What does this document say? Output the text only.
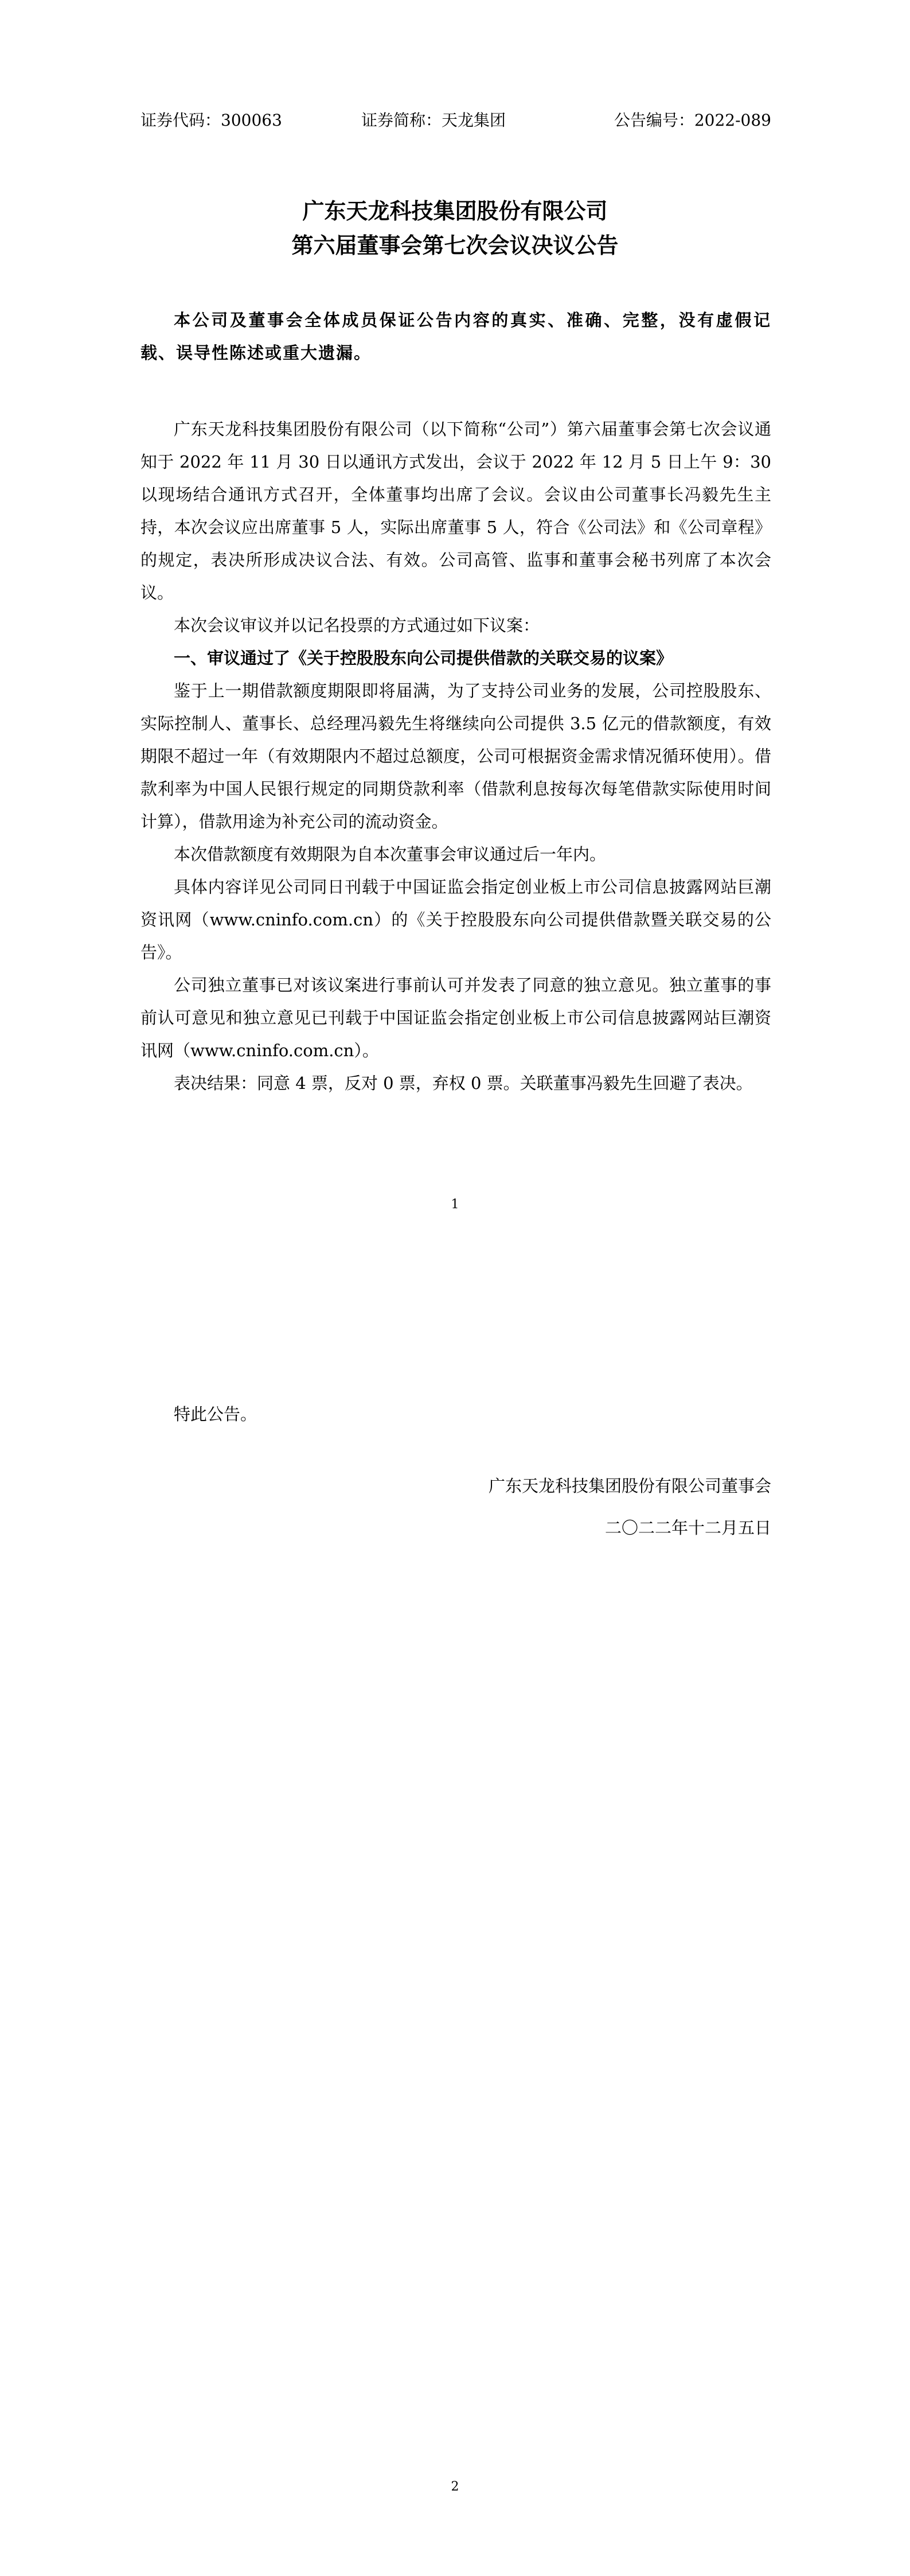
证券代码：300063	证券简称：天龙集团	公告编号：2022-089
广东天龙科技集团股份有限公司
第六届董事会第七次会议决议公告

本公司及董事会全体成员保证公告内容的真实、准确、完整，没有虚假记载、误导性陈述或重大遗漏。

广东天龙科技集团股份有限公司（以下简称“公司”）第六届董事会第七次会议通知于 2022 年 11 月 30 日以通讯方式发出，会议于 2022 年 12 月 5 日上午 9：30 以现场结合通讯方式召开，全体董事均出席了会议。会议由公司董事长冯毅先生主持，本次会议应出席董事 5 人，实际出席董事 5 人，符合《公司法》和《公司章程》的规定，表决所形成决议合法、有效。公司高管、监事和董事会秘书列席了本次会议。

本次会议审议并以记名投票的方式通过如下议案：

一、审议通过了《关于控股股东向公司提供借款的关联交易的议案》

鉴于上一期借款额度期限即将届满，为了支持公司业务的发展，公司控股股东、实际控制人、董事长、总经理冯毅先生将继续向公司提供 3.5 亿元的借款额度，有效期限不超过一年（有效期限内不超过总额度，公司可根据资金需求情况循环使用）。借款利率为中国人民银行规定的同期贷款利率（借款利息按每次每笔借款实际使用时间计算），借款用途为补充公司的流动资金。

本次借款额度有效期限为自本次董事会审议通过后一年内。

具体内容详见公司同日刊载于中国证监会指定创业板上市公司信息披露网站巨潮资讯网（www.cninfo.com.cn）的《关于控股股东向公司提供借款暨关联交易的公告》。

公司独立董事已对该议案进行事前认可并发表了同意的独立意见。独立董事的事前认可意见和独立意见已刊载于中国证监会指定创业板上市公司信息披露网站巨潮资讯网（www.cninfo.com.cn）。

表决结果：同意 4 票，反对 0 票，弃权 0 票。关联董事冯毅先生回避了表决。

1
特此公告。
广东天龙科技集团股份有限公司董事会
二〇二二年十二月五日
2
